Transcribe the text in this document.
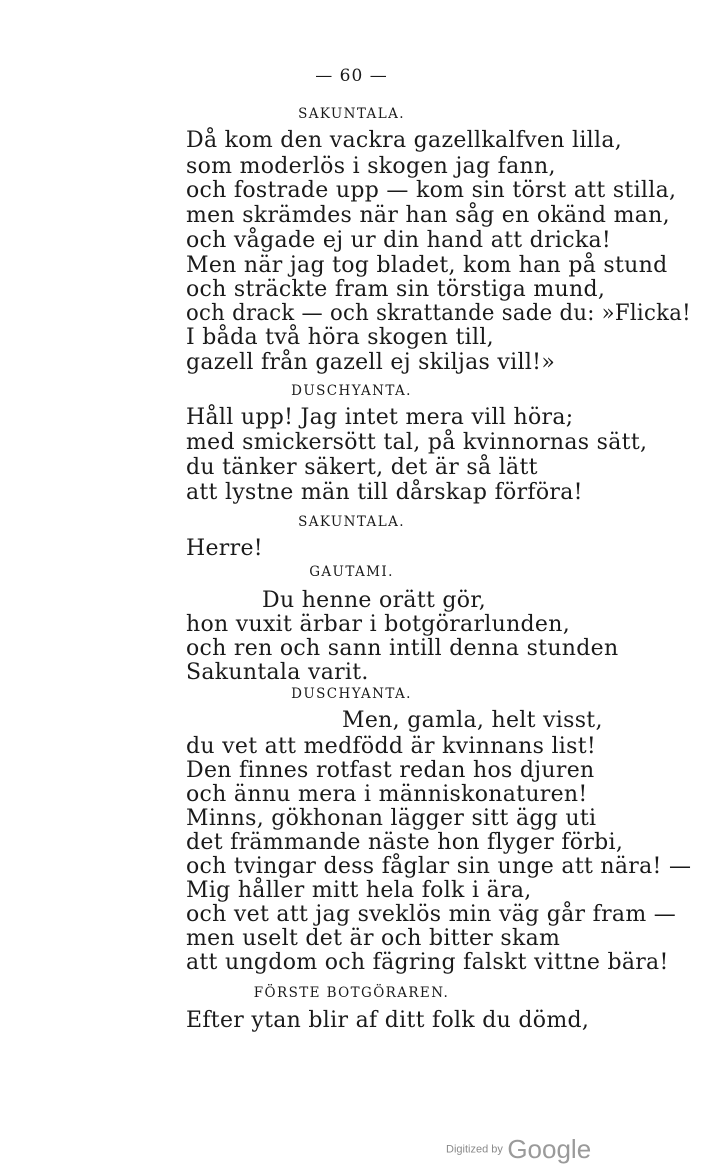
— 60 —
SAKUNTALA.
Då kom den vackra gazellkalfven lilla,
som moderlös i skogen jag fann,
och fostrade upp — kom sin törst att stilla,
men skrämdes när han såg en okänd man,
och vågade ej ur din hand att dricka!
Men när jag tog bladet, kom han på stund
och sträckte fram sin törstiga mund,
och drack — och skrattande sade du: »Flicka!
I båda två höra skogen till,
gazell från gazell ej skiljas vill!»
DUSCHYANTA.
Håll upp! Jag intet mera vill höra;
med smickersött tal, på kvinnornas sätt,
du tänker säkert, det är så lätt
att lystne män till dårskap förföra!
SAKUNTALA.
Herre!
GAUTAMI.
Du henne orätt gör,
hon vuxit ärbar i botgörarlunden,
och ren och sann intill denna stunden
Sakuntala varit.
DUSCHYANTA.
Men, gamla, helt visst,
du vet att medfödd är kvinnans list!
Den finnes rotfast redan hos djuren
och ännu mera i människonaturen!
Minns, gökhonan lägger sitt ägg uti
det främmande näste hon flyger förbi,
och tvingar dess fåglar sin unge att nära! —
Mig håller mitt hela folk i ära,
och vet att jag sveklös min väg går fram —
men uselt det är och bitter skam
att ungdom och fägring falskt vittne bära!
FÖRSTE BOTGÖRAREN.
Efter ytan blir af ditt folk du dömd,
Digitized by Google
